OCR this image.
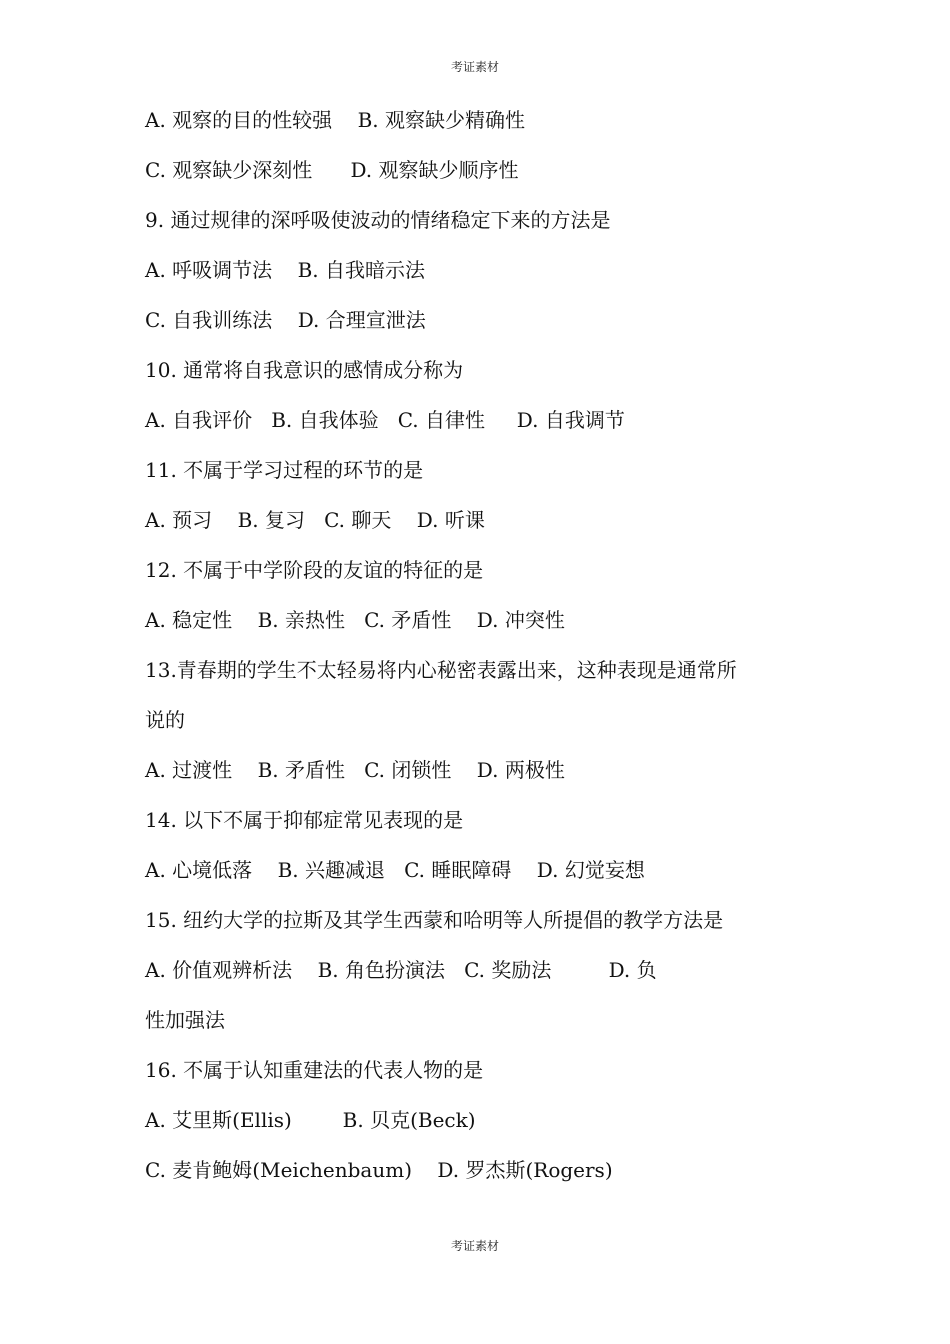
考证素材
A. 观察的目的性较强    B. 观察缺少精确性
C. 观察缺少深刻性      D. 观察缺少顺序性
9. 通过规律的深呼吸使波动的情绪稳定下来的方法是
A. 呼吸调节法    B. 自我暗示法
C. 自我训练法    D. 合理宣泄法
10. 通常将自我意识的感情成分称为
A. 自我评价   B. 自我体验   C. 自律性     D. 自我调节
11. 不属于学习过程的环节的是
A. 预习    B. 复习   C. 聊天    D. 听课
12. 不属于中学阶段的友谊的特征的是
A. 稳定性    B. 亲热性   C. 矛盾性    D. 冲突性
13.青春期的学生不太轻易将内心秘密表露出来，这种表现是通常所
说的
A. 过渡性    B. 矛盾性   C. 闭锁性    D. 两极性
14. 以下不属于抑郁症常见表现的是
A. 心境低落    B. 兴趣减退   C. 睡眠障碍    D. 幻觉妄想
15. 纽约大学的拉斯及其学生西蒙和哈明等人所提倡的教学方法是
A. 价值观辨析法    B. 角色扮演法   C. 奖励法         D. 负
性加强法
16. 不属于认知重建法的代表人物的是
A. 艾里斯(Ellis)        B. 贝克(Beck)
C. 麦肯鲍姆(Meichenbaum)    D. 罗杰斯(Rogers)
考证素材
